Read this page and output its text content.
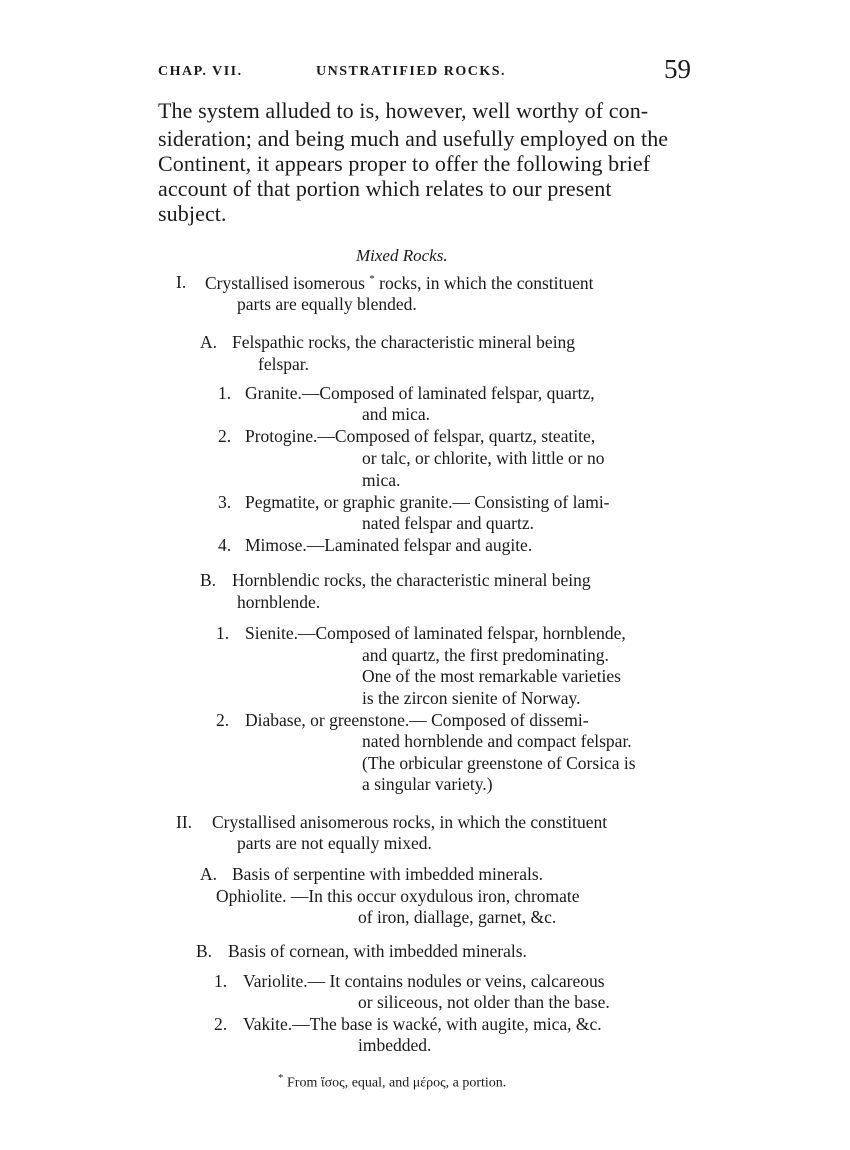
CHAP. VII.	UNSTRATIFIED ROCKS.	59
The system alluded to is, however, well worthy of con-
sideration; and being much and usefully employed on the
Continent, it appears proper to offer the following brief
account of that portion which relates to our present
subject.
Mixed Rocks.
I. Crystallised isomerous * rocks, in which the constituent
parts are equally blended.
A. Felspathic rocks, the characteristic mineral being
felspar.
1. Granite.—Composed of laminated felspar, quartz,
and mica.
2. Protogine.—Composed of felspar, quartz, steatite,
or talc, or chlorite, with little or no
mica.
3. Pegmatite, or graphic granite.— Consisting of lami-
nated felspar and quartz.
4. Mimose.—Laminated felspar and augite.
B. Hornblendic rocks, the characteristic mineral being
hornblende.
1. Sienite.—Composed of laminated felspar, hornblende,
and quartz, the first predominating.
One of the most remarkable varieties
is the zircon sienite of Norway.
2. Diabase, or greenstone.— Composed of dissemi-
nated hornblende and compact felspar.
(The orbicular greenstone of Corsica is
a singular variety.)
II. Crystallised anisomerous rocks, in which the constituent
parts are not equally mixed.
A. Basis of serpentine with imbedded minerals.
Ophiolite. —In this occur oxydulous iron, chromate
of iron, diallage, garnet, &c.
B. Basis of cornean, with imbedded minerals.
1. Variolite.— It contains nodules or veins, calcareous
or siliceous, not older than the base.
2. Vakite.—The base is wacké, with augite, mica, &c.
imbedded.
* From ἴσος, equal, and μέρος, a portion.
